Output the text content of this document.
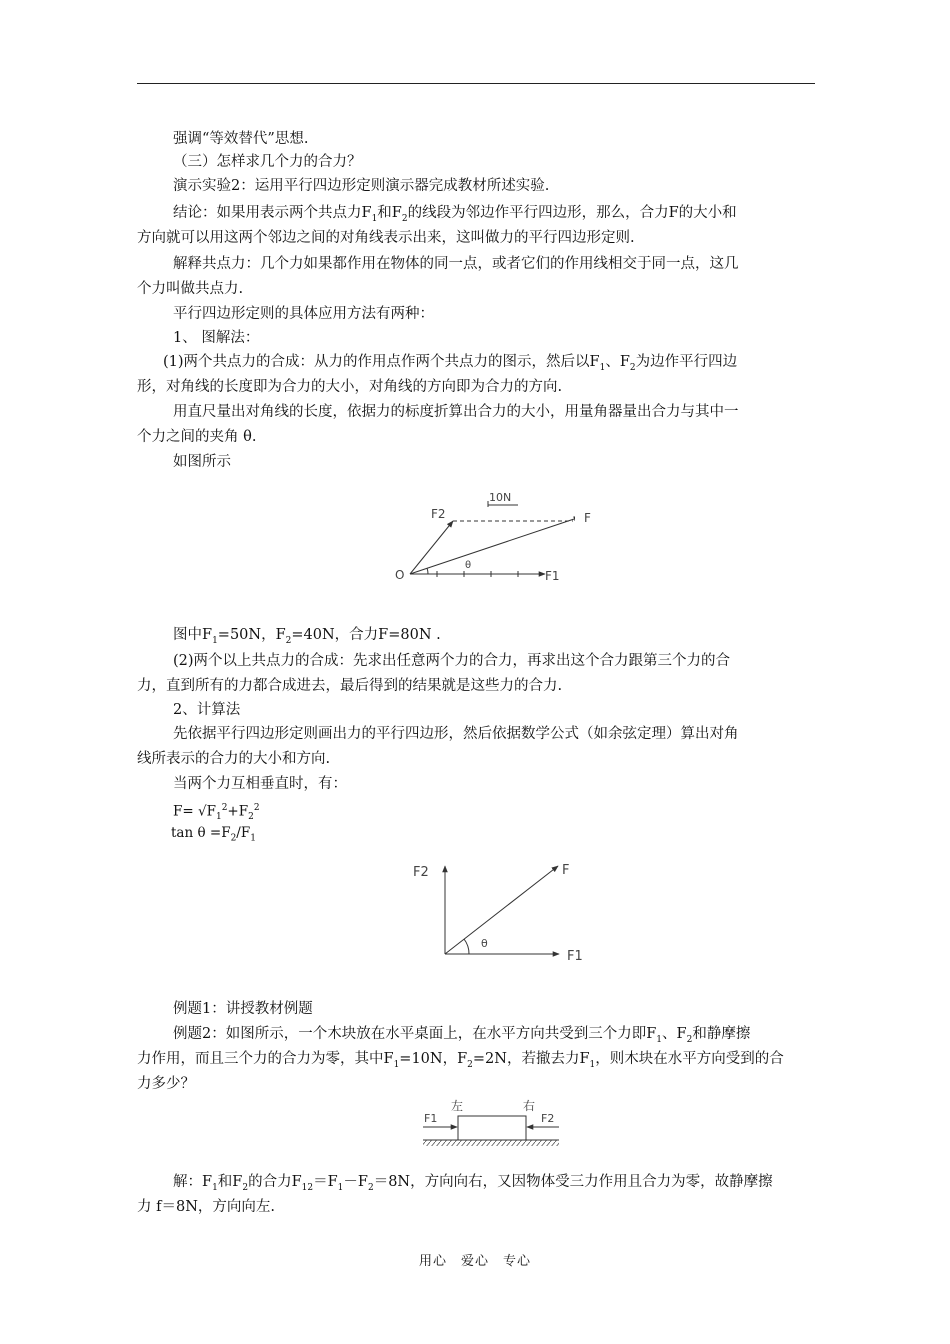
强调“等效替代”思想.
（三）怎样求几个力的合力？
演示实验2：运用平行四边形定则演示器完成教材所述实验.
结论：如果用表示两个共点力$F_1$和$F_2$的线段为邻边作平行四边形，那么，合力F的大小和
方向就可以用这两个邻边之间的对角线表示出来，这叫做力的平行四边形定则.
解释共点力：几个力如果都作用在物体的同一点，或者它们的作用线相交于同一点，这几
个力叫做共点力.
平行四边形定则的具体应用方法有两种：
1、 图解法：
(1)两个共点力的合成：从力的作用点作两个共点力的图示，然后以$F_1$、$F_2$为边作平行四边
形，对角线的长度即为合力的大小，对角线的方向即为合力的方向.
用直尺量出对角线的长度，依据力的标度折算出合力的大小，用量角器量出合力与其中一
个力之间的夹角 θ.
如图所示
10N
O
θ
F1
F2	F
图中$F_1=50N$，$F_2=40N$，合力F=80N .
(2)两个以上共点力的合成：先求出任意两个力的合力，再求出这个合力跟第三个力的合
力，直到所有的力都合成进去，最后得到的结果就是这些力的合力.
2、计算法
先依据平行四边形定则画出力的平行四边形，然后依据数学公式（如余弦定理）算出对角
线所表示的合力的大小和方向.
当两个力互相垂直时，有：
$F= √F_1^2+F_2^2$
$\tan \theta =F_2/F_1$
F2	F
θ
F1
例题1：讲授教材例题
例题2：如图所示，一个木块放在水平桌面上，在水平方向共受到三个力即$F_1$、$F_2$和静摩擦
力作用，而且三个力的合力为零，其中$F_1=10N$，$F_2=2N$，若撤去力$F_1$，则木块在水平方向受到的合
力多少？
左	右
F1	F2
解：$F_1$和$F_2$的合力$F_{12}=F_1-F_2=8N$，方向向右，又因物体受三力作用且合力为零，故静摩擦
力 f＝8N，方向向左.
用心　爱心　专心
